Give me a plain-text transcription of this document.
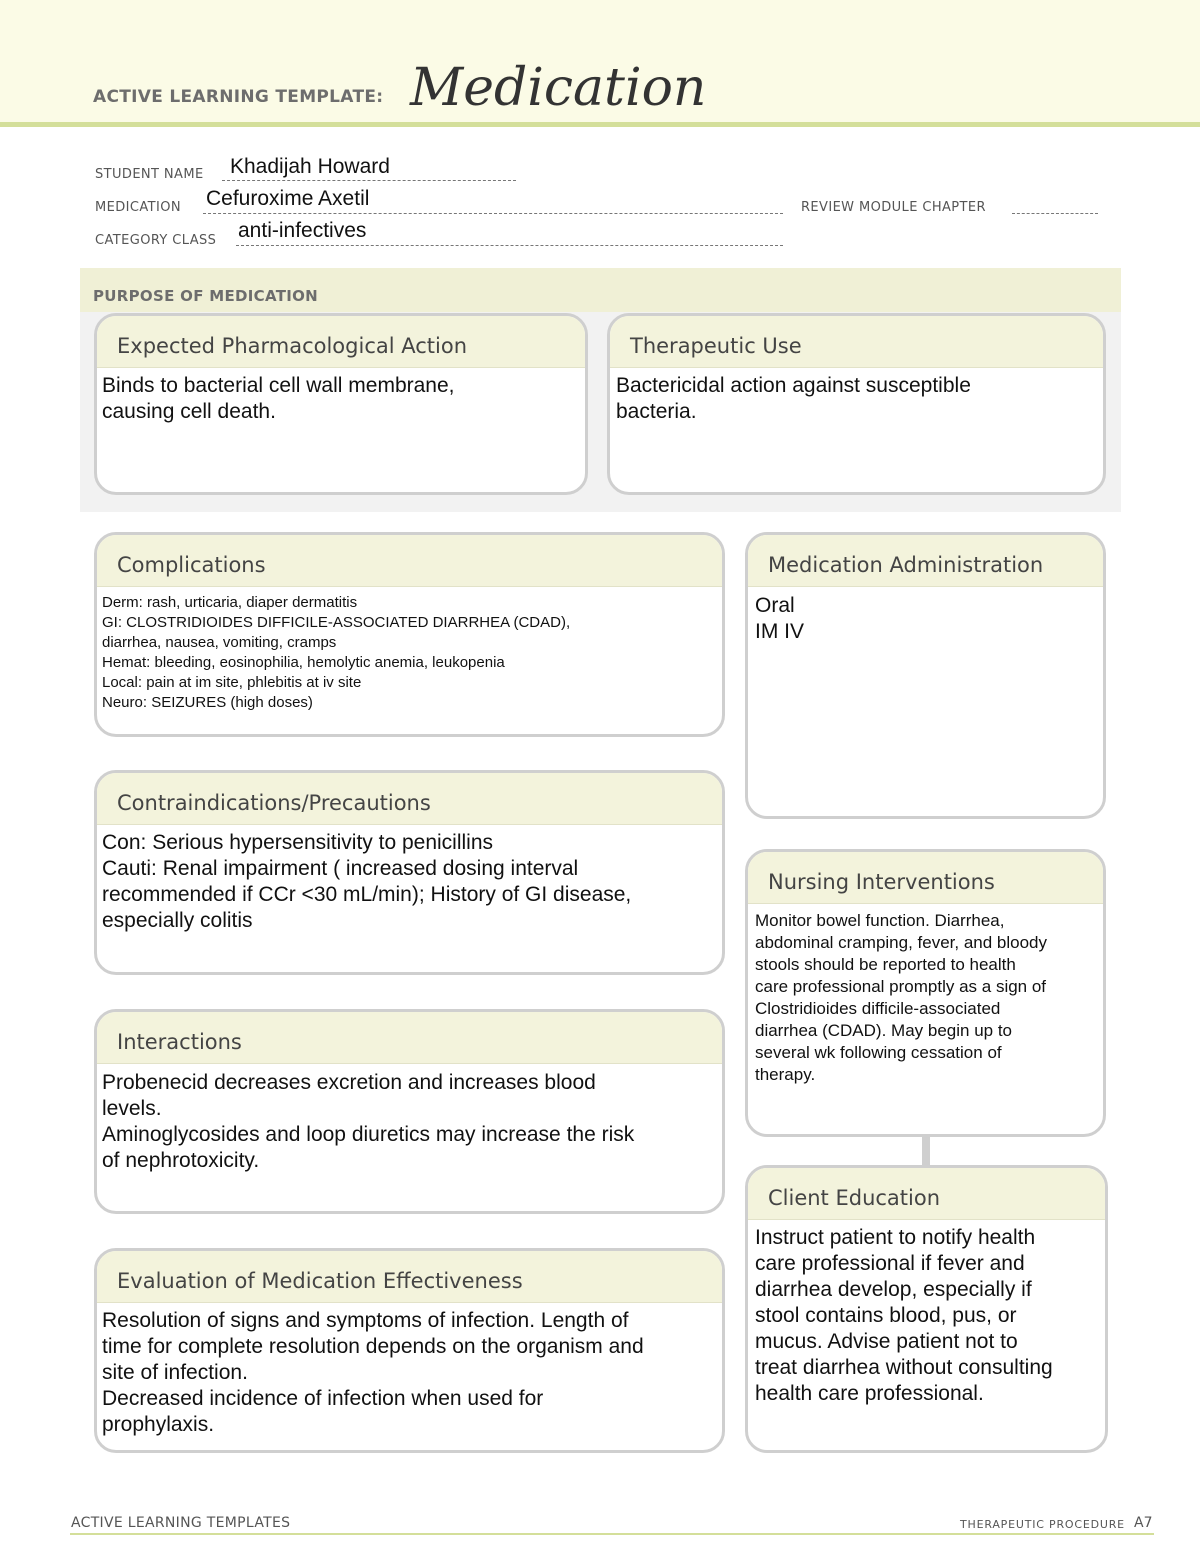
ACTIVE LEARNING TEMPLATE: Medication
STUDENT NAME Khadijah Howard
MEDICATION Cefuroxime Axetil	REVIEW MODULE CHAPTER
CATEGORY CLASS anti-infectives
PURPOSE OF MEDICATION
Expected Pharmacological Action
Binds to bacterial cell wall membrane,
causing cell death.
Therapeutic Use
Bactericidal action against susceptible
bacteria.
Complications
Derm: rash, urticaria, diaper dermatitis
GI: CLOSTRIDIOIDES DIFFICILE-ASSOCIATED DIARRHEA (CDAD),
diarrhea, nausea, vomiting, cramps
Hemat: bleeding, eosinophilia, hemolytic anemia, leukopenia
Local: pain at im site, phlebitis at iv site
Neuro: SEIZURES (high doses)
Contraindications/Precautions
Con: Serious hypersensitivity to penicillins
Cauti: Renal impairment ( increased dosing interval
recommended if CCr <30 mL/min); History of GI disease,
especially colitis
Interactions
Probenecid decreases excretion and increases blood
levels.
Aminoglycosides and loop diuretics may increase the risk
of nephrotoxicity.
Evaluation of Medication Effectiveness
Resolution of signs and symptoms of infection. Length of
time for complete resolution depends on the organism and
site of infection.
Decreased incidence of infection when used for
prophylaxis.
Medication Administration
Oral
IM IV
Nursing Interventions
Monitor bowel function. Diarrhea,
abdominal cramping, fever, and bloody
stools should be reported to health
care professional promptly as a sign of
Clostridioides difficile-associated
diarrhea (CDAD). May begin up to
several wk following cessation of
therapy.
Client Education
Instruct patient to notify health
care professional if fever and
diarrhea develop, especially if
stool contains blood, pus, or
mucus. Advise patient not to
treat diarrhea without consulting
health care professional.
ACTIVE LEARNING TEMPLATES	THERAPEUTIC PROCEDURE A7
